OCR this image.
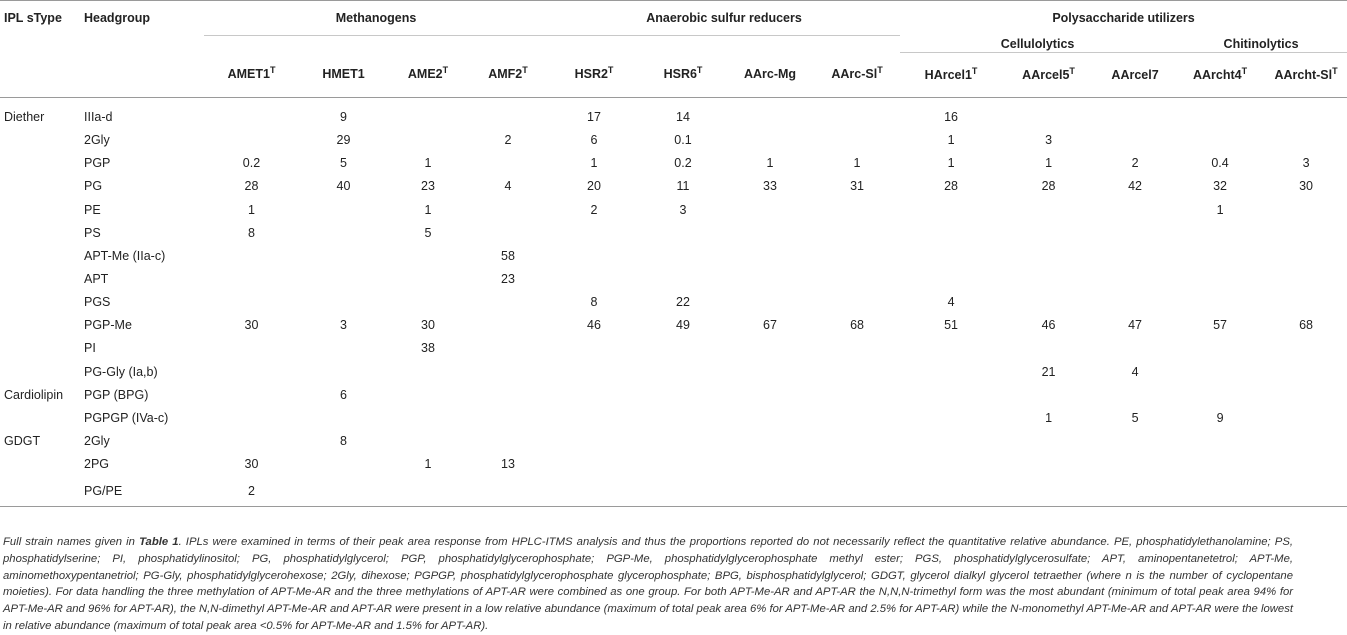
IPL sType	Headgroup	Methanogens				Anaerobic sulfur reducers				Polysaccharide utilizers				
										Cellulolytics			Chitinolytics	
		$AMET1^T$	HMET1	$AME2^T$	$AMF2^T$	$HSR2^T$	$HSR6^T$	AArc-Mg	AArc-$Sl^T$	$HArcel1^T$	$AArcel5^T$	AArcel7	$AArcht4^T$	AArcht-$Sl^T$

Diether	IIIa-d		9			17	14			16				
	2Gly		29		2	6	0.1			1	3			
	PGP	0.2	5	1		1	0.2	1	1	1	1	2	0.4	3
	PG	28	40	23	4	20	11	33	31	28	28	42	32	30
	PE	1		1		2	3						1	
	PS	8		5										
	APT-Me (IIa-c)				58									
	APT				23									
	PGS					8	22			4				
	PGP-Me	30	3	30		46	49	67	68	51	46	47	57	68
	PI			38										
	PG-Gly (Ia,b)										21	4		
Cardiolipin	PGP (BPG)		6											
	PGPGP (IVa-c)										1	5	9	
GDGT	2Gly		8											
	2PG	30		1	13									
	PG/PE	2												
Full strain names given in Table 1. IPLs were examined in terms of their peak area response from HPLC-ITMS analysis and thus the proportions reported do not necessarily reflect the quantitative relative abundance. PE, phosphatidylethanolamine; PS, phosphatidylserine; PI, phosphatidylinositol; PG, phosphatidylglycerol; PGP, phosphatidylglycerophosphate; PGP-Me, phosphatidylglycerophosphate methyl ester; PGS, phosphatidylglycerosulfate; APT, aminopentanetetrol; APT-Me, aminomethoxypentanetriol; PG-Gly, phosphatidylglycerohexose; 2Gly, dihexose; PGPGP, phosphatidylglycerophosphate glycerophosphate; BPG, bisphosphatidylglycerol; GDGT, glycerol dialkyl glycerol tetraether (where n is the number of cyclopentane moieties). For data handling the three methylation of APT-Me-AR and the three methylations of APT-AR were combined as one group. For both APT-Me-AR and APT-AR the N,N,N-trimethyl form was the most abundant (minimum of total peak area 94% for APT-Me-AR and 96% for APT-AR), the N,N-dimethyl APT-Me-AR and APT-AR were present in a low relative abundance (maximum of total peak area 6% for APT-Me-AR and 2.5% for APT-AR) while the N-monomethyl APT-Me-AR and APT-AR were the lowest in relative abundance (maximum of total peak area <0.5% for APT-Me-AR and 1.5% for APT-AR).
